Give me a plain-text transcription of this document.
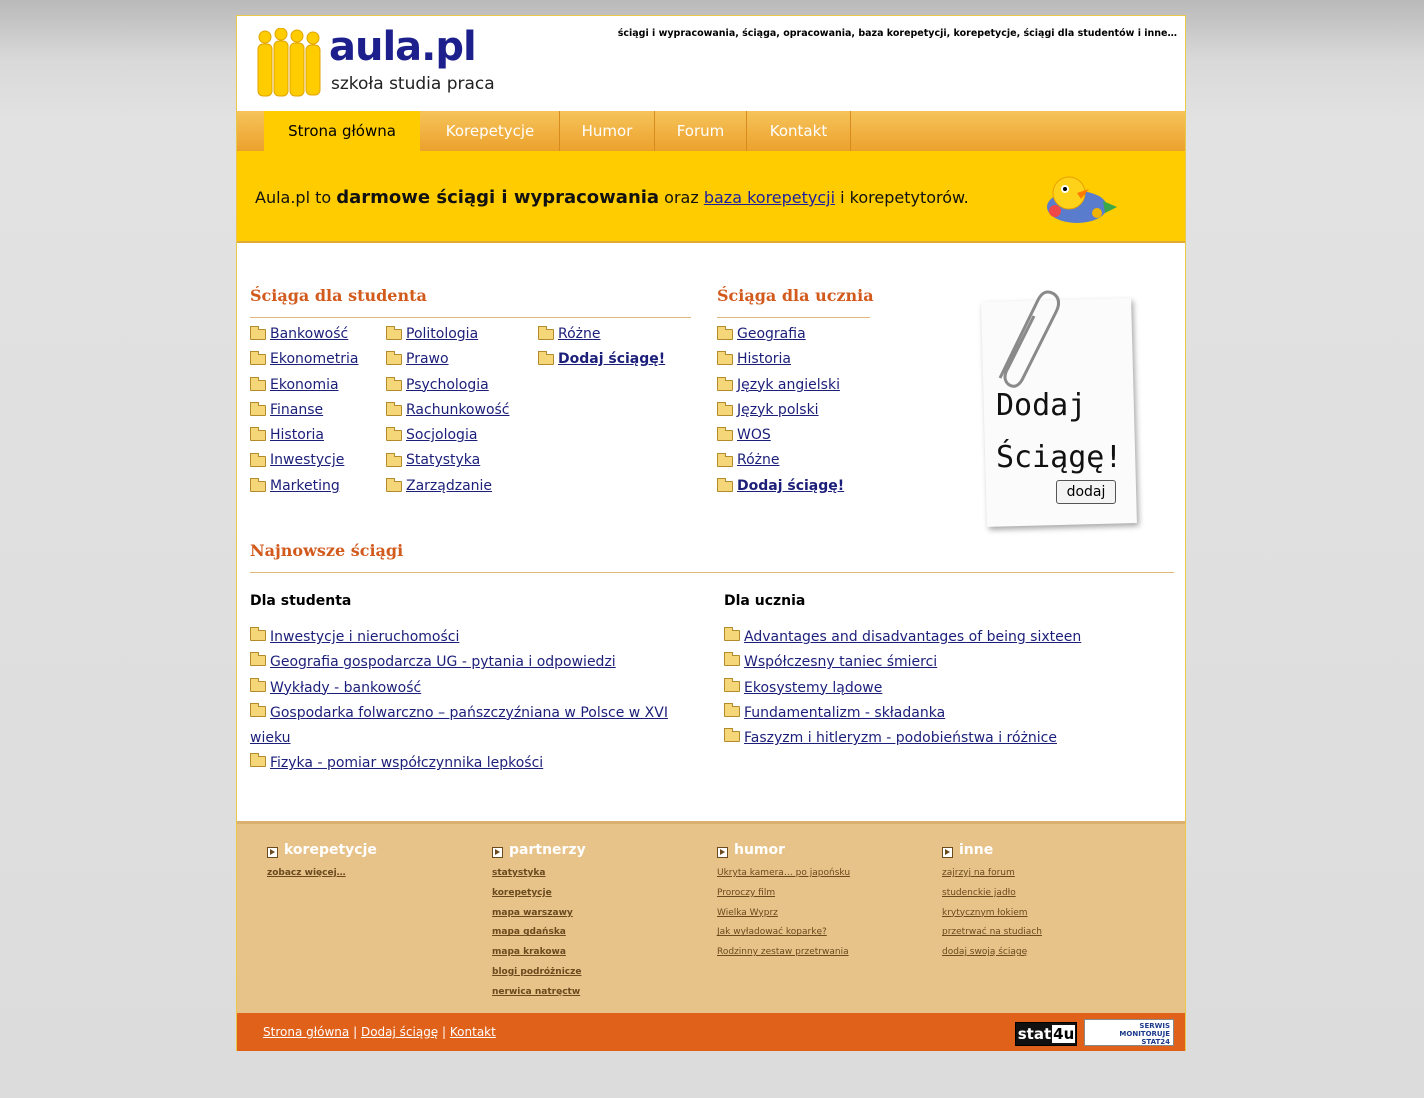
aula.pl
szkoła studia praca
ściągi i wypracowania, ściąga, opracowania, baza korepetycji, korepetycje, ściągi dla studentów i inne…
Strona główna	Korepetycje	Humor	Forum	Kontakt
Aula.pl to darmowe ściągi i wypracowania oraz baza korepetycji i korepetytorów.
Ściąga dla studenta
Bankowość
Ekonometria
Ekonomia
Finanse
Historia
Inwestycje
Marketing
Politologia
Prawo
Psychologia
Rachunkowość
Socjologia
Statystyka
Zarządzanie
Różne
Dodaj ściągę!
Ściąga dla ucznia
Geografia
Historia
Język angielski
Język polski
WOS
Różne
Dodaj ściągę!
Dodaj
Ściągę!
dodaj
Najnowsze ściągi
Dla studenta	Dla ucznia
Inwestycje i nieruchomości
Geografia gospodarcza UG - pytania i odpowiedzi
Wykłady - bankowość
Gospodarka folwarczno – pańszczyźniana w Polsce w XVI wieku
Fizyka - pomiar współczynnika lepkości
Advantages and disadvantages of being sixteen
Współczesny taniec śmierci
Ekosystemy lądowe
Fundamentalizm - składanka
Faszyzm i hitleryzm - podobieństwa i różnice
korepetycje
zobacz więcej…
partnerzy
statystyka
korepetycje
mapa warszawy
mapa gdańska
mapa krakowa
blogi podróżnicze
nerwica natręctw
humor
Ukryta kamera… po japońsku
Proroczy film
Wielka Wyprz
Jak wyładować koparkę?
Rodzinny zestaw przetrwania
inne
zajrzyj na forum
studenckie jadło
krytycznym łokiem
przetrwać na studiach
dodaj swoją ściągę
Strona główna | Dodaj ściągę | Kontakt	stat 4u	SERWIS
MONITORUJE
STAT24
